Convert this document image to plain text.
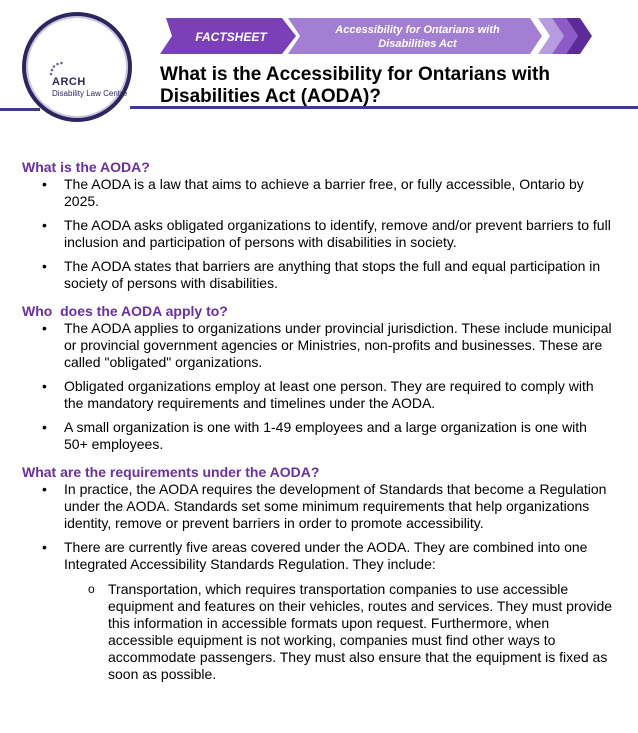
FACTSHEET	Accessibility for Ontarians with Disabilities Act
ARCH
Disability Law Centre
What is the Accessibility for Ontarians with Disabilities Act (AODA)?
What is the AODA?
• The AODA is a law that aims to achieve a barrier free, or fully accessible, Ontario by 2025.
• The AODA asks obligated organizations to identify, remove and/or prevent barriers to full inclusion and participation of persons with disabilities in society.
• The AODA states that barriers are anything that stops the full and equal participation in society of persons with disabilities.
Who  does the AODA apply to?
• The AODA applies to organizations under provincial jurisdiction. These include municipal or provincial government agencies or Ministries, non-profits and businesses. These are called "obligated" organizations.
• Obligated organizations employ at least one person. They are required to comply with the mandatory requirements and timelines under the AODA.
• A small organization is one with 1-49 employees and a large organization is one with 50+ employees.
What are the requirements under the AODA?
• In practice, the AODA requires the development of Standards that become a Regulation under the AODA. Standards set some minimum requirements that help organizations identity, remove or prevent barriers in order to promote accessibility.
• There are currently five areas covered under the AODA. They are combined into one Integrated Accessibility Standards Regulation. They include:
o Transportation, which requires transportation companies to use accessible equipment and features on their vehicles, routes and services. They must provide this information in accessible formats upon request. Furthermore, when accessible equipment is not working, companies must find other ways to accommodate passengers. They must also ensure that the equipment is fixed as soon as possible.
